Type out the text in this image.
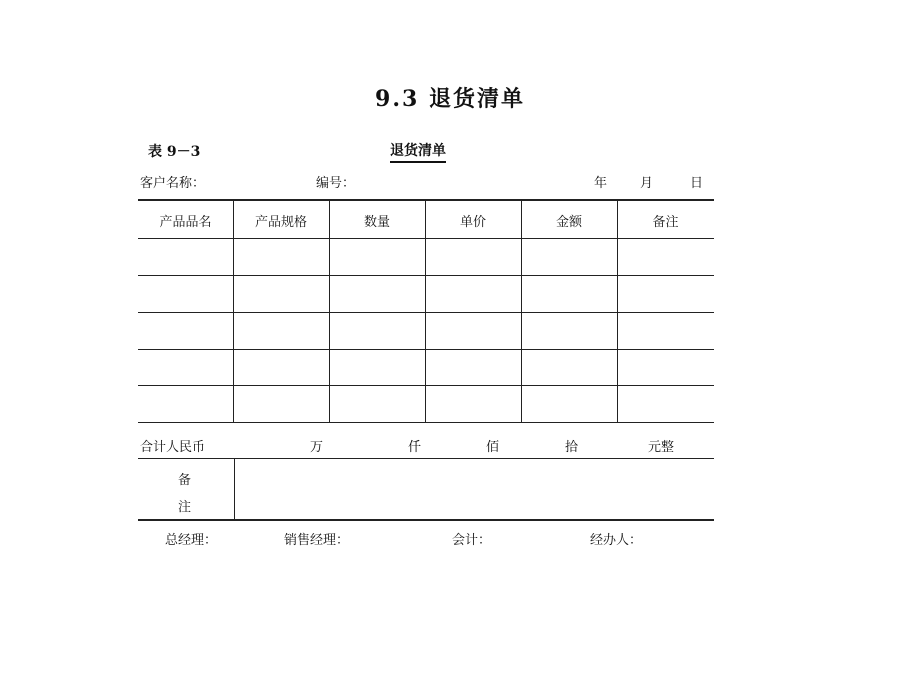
9.3 退货清单
表 9－3	退货清单
客户名称：	编号：	年	月	日
产品品名	产品规格	数量	单价	金额	备注
合计人民币	万	仟	佰	拾	元整
备
注
总经理：	销售经理：	会计：	经办人：
